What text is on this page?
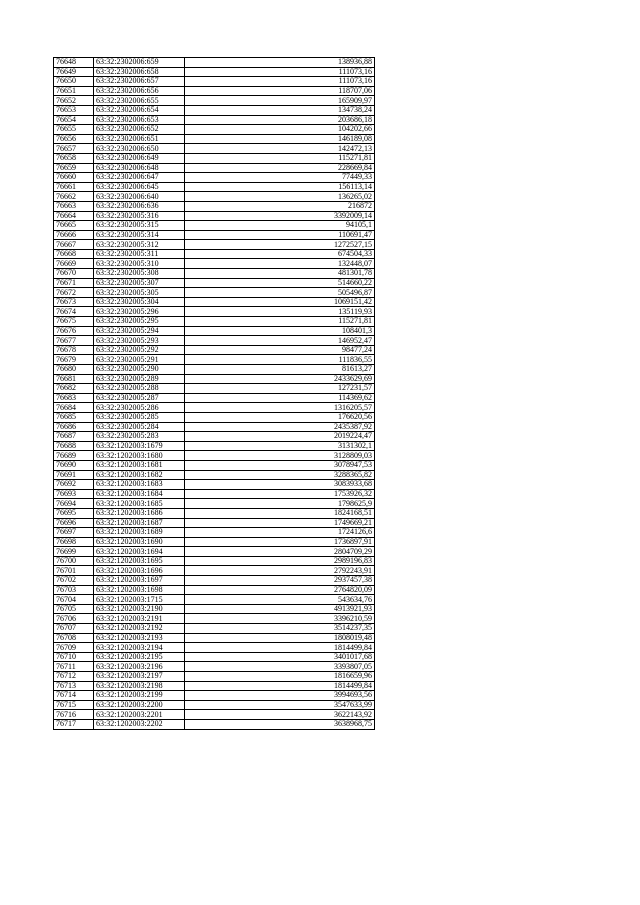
76648	63:32:2302006:659	138936,88
76649	63:32:2302006:658	111073,16
76650	63:32:2302006:657	111073,16
76651	63:32:2302006:656	118707,06
76652	63:32:2302006:655	165909,97
76653	63:32:2302006:654	134738,24
76654	63:32:2302006:653	203686,18
76655	63:32:2302006:652	104202,66
76656	63:32:2302006:651	146189,08
76657	63:32:2302006:650	142472,13
76658	63:32:2302006:649	115271,81
76659	63:32:2302006:648	228669,84
76660	63:32:2302006:647	77449,33
76661	63:32:2302006:645	156113,14
76662	63:32:2302006:640	136265,02
76663	63:32:2302006:636	216872
76664	63:32:2302005:316	3392009,14
76665	63:32:2302005:315	94105,1
76666	63:32:2302005:314	110691,47
76667	63:32:2302005:312	1272527,15
76668	63:32:2302005:311	674504,33
76669	63:32:2302005:310	132448,07
76670	63:32:2302005:308	481301,78
76671	63:32:2302005:307	514660,22
76672	63:32:2302005:305	505496,87
76673	63:32:2302005:304	1069151,42
76674	63:32:2302005:296	135119,93
76675	63:32:2302005:295	115271,81
76676	63:32:2302005:294	108401,3
76677	63:32:2302005:293	146952,47
76678	63:32:2302005:292	98477,24
76679	63:32:2302005:291	111836,55
76680	63:32:2302005:290	81613,27
76681	63:32:2302005:289	2433629,69
76682	63:32:2302005:288	127231,57
76683	63:32:2302005:287	114369,62
76684	63:32:2302005:286	1316205,57
76685	63:32:2302005:285	176620,56
76686	63:32:2302005:284	2435387,92
76687	63:32:2302005:283	2019224,47
76688	63:32:1202003:1679	3131302,1
76689	63:32:1202003:1680	3128809,03
76690	63:32:1202003:1681	3078947,53
76691	63:32:1202003:1682	3288365,82
76692	63:32:1202003:1683	3083933,68
76693	63:32:1202003:1684	1753926,32
76694	63:32:1202003:1685	1798625,9
76695	63:32:1202003:1686	1824168,51
76696	63:32:1202003:1687	1749669,21
76697	63:32:1202003:1689	1724126,6
76698	63:32:1202003:1690	1736897,91
76699	63:32:1202003:1694	2804709,29
76700	63:32:1202003:1695	2989196,83
76701	63:32:1202003:1696	2792243,91
76702	63:32:1202003:1697	2937457,38
76703	63:32:1202003:1698	2764820,09
76704	63:32:1202003:1715	543634,76
76705	63:32:1202003:2190	4913921,93
76706	63:32:1202003:2191	3396210,59
76707	63:32:1202003:2192	3514237,35
76708	63:32:1202003:2193	1808019,48
76709	63:32:1202003:2194	1814499,84
76710	63:32:1202003:2195	3401017,68
76711	63:32:1202003:2196	3393807,05
76712	63:32:1202003:2197	1816659,96
76713	63:32:1202003:2198	1814499,84
76714	63:32:1202003:2199	3994693,56
76715	63:32:1202003:2200	3547633,99
76716	63:32:1202003:2201	3622143,92
76717	63:32:1202003:2202	3638968,75
